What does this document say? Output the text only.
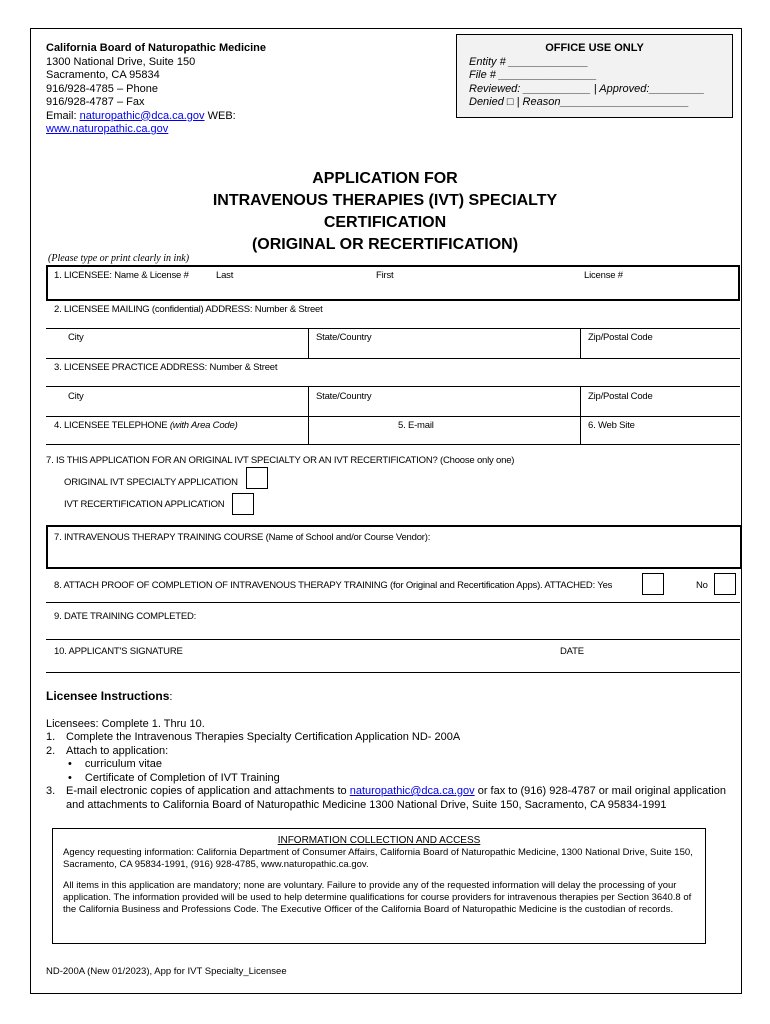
California Board of Naturopathic Medicine
1300 National Drive, Suite 150
Sacramento, CA 95834
916/928-4785 – Phone
916/928-4787 – Fax
Email: naturopathic@dca.ca.gov WEB:
www.naturopathic.ca.gov
OFFICE USE ONLY
Entity # _____________
File # ________________
Reviewed: ___________ | Approved:_________
Denied □ | Reason_____________________
APPLICATION FOR
INTRAVENOUS THERAPIES (IVT) SPECIALTY
CERTIFICATION
(ORIGINAL OR RECERTIFICATION)
(Please type or print clearly in ink)
1. LICENSEE: Name & License #	Last	First	License #
2. LICENSEE MAILING (confidential) ADDRESS: Number & Street
City	State/Country	Zip/Postal Code
3. LICENSEE PRACTICE ADDRESS: Number & Street
City	State/Country	Zip/Postal Code
4. LICENSEE TELEPHONE (with Area Code)	5. E-mail	6. Web Site
7. IS THIS APPLICATION FOR AN ORIGINAL IVT SPECIALTY OR AN IVT RECERTIFICATION? (Choose only one)
ORIGINAL IVT SPECIALTY APPLICATION
IVT RECERTIFICATION APPLICATION
7. INTRAVENOUS THERAPY TRAINING COURSE (Name of School and/or Course Vendor):
8. ATTACH PROOF OF COMPLETION OF INTRAVENOUS THERAPY TRAINING (for Original and Recertification Apps). ATTACHED: Yes	No
9. DATE TRAINING COMPLETED:
10. APPLICANT'S SIGNATURE	DATE
Licensee Instructions:
Licensees: Complete 1. Thru 10.
1. Complete the Intravenous Therapies Specialty Certification Application ND- 200A
2. Attach to application:
• curriculum vitae
• Certificate of Completion of IVT Training
3. E-mail electronic copies of application and attachments to naturopathic@dca.ca.gov or fax to (916) 928-4787 or mail original application and attachments to California Board of Naturopathic Medicine 1300 National Drive, Suite 150, Sacramento, CA 95834-1991
INFORMATION COLLECTION AND ACCESS

Agency requesting information: California Department of Consumer Affairs, California Board of Naturopathic Medicine, 1300 National Drive, Suite 150, Sacramento, CA 95834-1991, (916) 928-4785, www.naturopathic.ca.gov.

All items in this application are mandatory; none are voluntary. Failure to provide any of the requested information will delay the processing of your application. The information provided will be used to help determine qualifications for course providers for intravenous therapies per Section 3640.8 of the California Business and Professions Code. The Executive Officer of the California Board of Naturopathic Medicine is the custodian of records.

ND-200A (New 01/2023), App for IVT Specialty_Licensee
